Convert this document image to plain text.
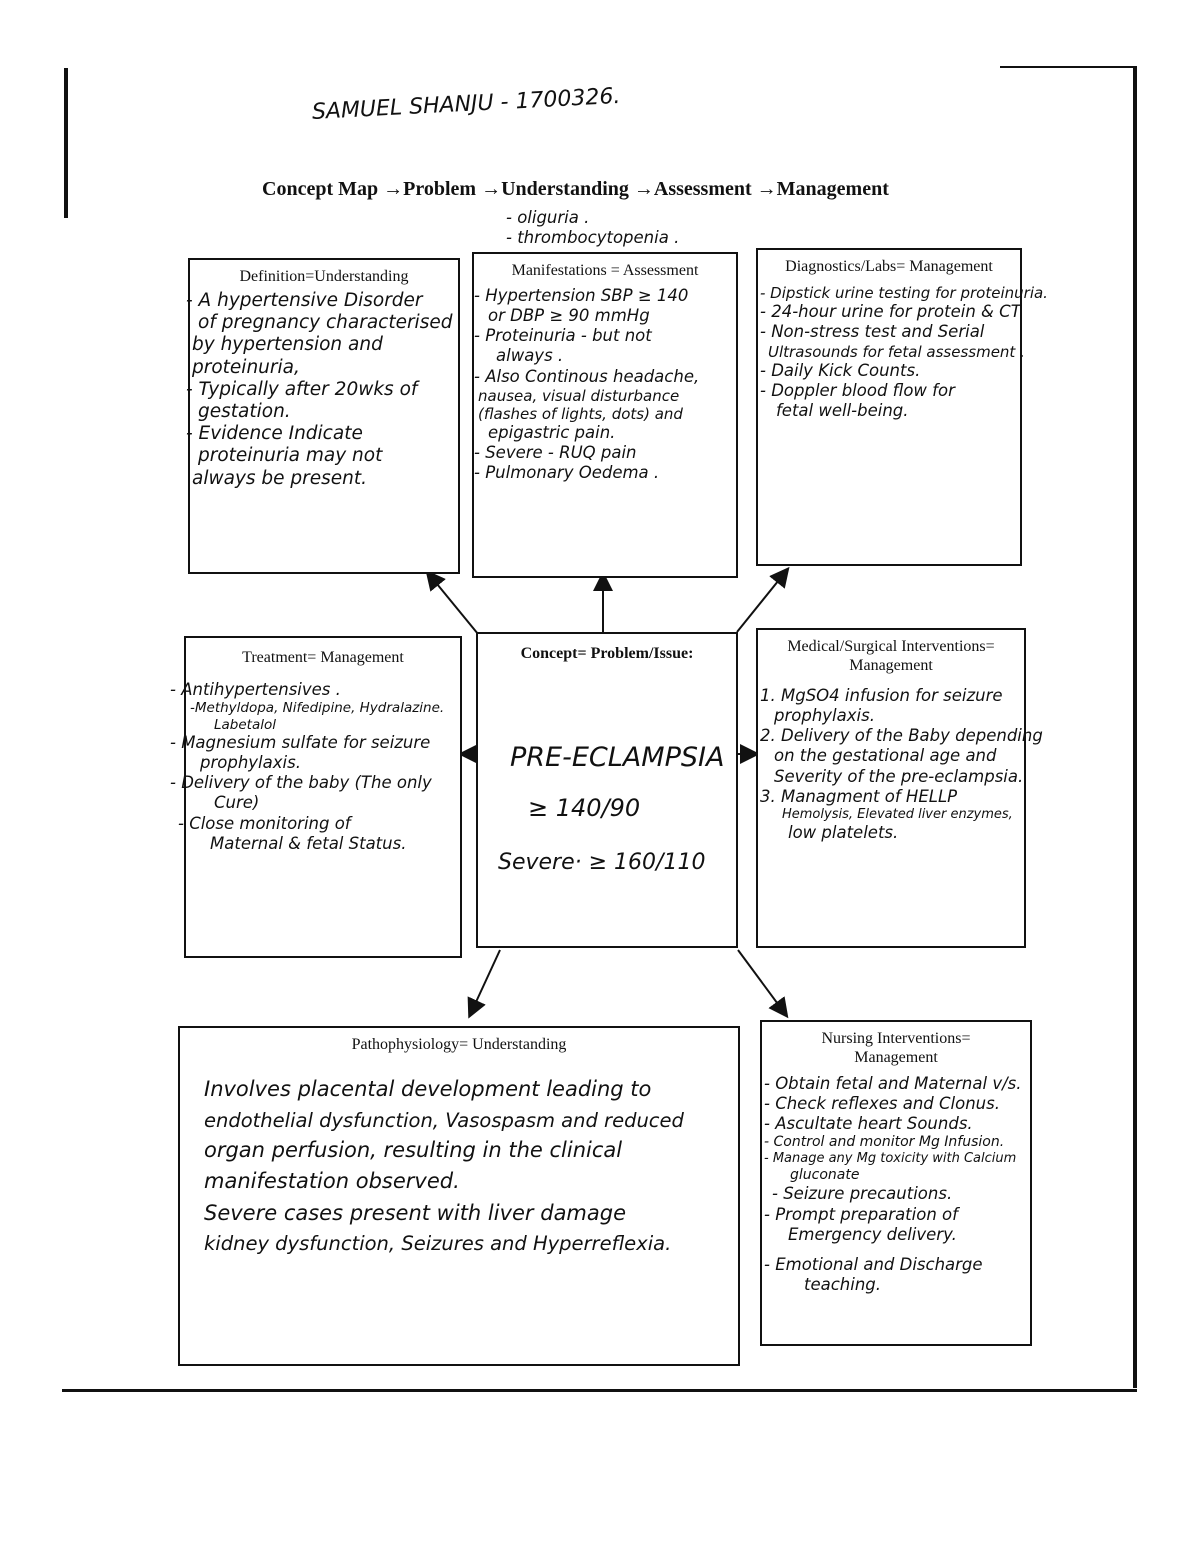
SAMUEL SHANJU - 1700326.
Concept Map → Problem → Understanding → Assessment → Management
- oliguria .
- thrombocytopenia .
Definition=Understanding
- A hypertensive Disorder
of pregnancy characterised
by hypertension and
proteinuria,
- Typically after 20wks of
gestation.
- Evidence Indicate
proteinuria may not
always be present.
Manifestations = Assessment
- Hypertension SBP ≥ 140
or DBP ≥ 90 mmHg
- Proteinuria - but not
always .
- Also Continous headache,
nausea, visual disturbance
(flashes of lights, dots) and
epigastric pain.
- Severe - RUQ pain
- Pulmonary Oedema .
Diagnostics/Labs= Management
- Dipstick urine testing for proteinuria.
- 24-hour urine for protein & CT
- Non-stress test and Serial
Ultrasounds for fetal assessment .
- Daily Kick Counts.
- Doppler blood flow for
fetal well-being.
Treatment= Management
- Antihypertensives .
-Methyldopa, Nifedipine, Hydralazine.
Labetalol
- Magnesium sulfate for seizure
prophylaxis.
- Delivery of the baby (The only
Cure)
- Close monitoring of
Maternal & fetal Status.
Concept= Problem/Issue:
PRE-ECLAMPSIA
≥ 140/90
Severe· ≥ 160/110
Medical/Surgical Interventions= Management
1. MgSO4 infusion for seizure
prophylaxis.
2. Delivery of the Baby depending
on the gestational age and
Severity of the pre-eclampsia.
3. Managment of HELLP
Hemolysis, Elevated liver enzymes,
low platelets.
Pathophysiology= Understanding
Involves placental development leading to
endothelial dysfunction, Vasospasm and reduced
organ perfusion, resulting in the clinical
manifestation observed.
Severe cases present with liver damage
kidney dysfunction, Seizures and Hyperreflexia.
Nursing Interventions= Management
- Obtain fetal and Maternal v/s.
- Check reflexes and Clonus.
- Ascultate heart Sounds.
- Control and monitor Mg Infusion.
- Manage any Mg toxicity with Calcium
gluconate
- Seizure precautions.
- Prompt preparation of
Emergency delivery.
- Emotional and Discharge
teaching.
